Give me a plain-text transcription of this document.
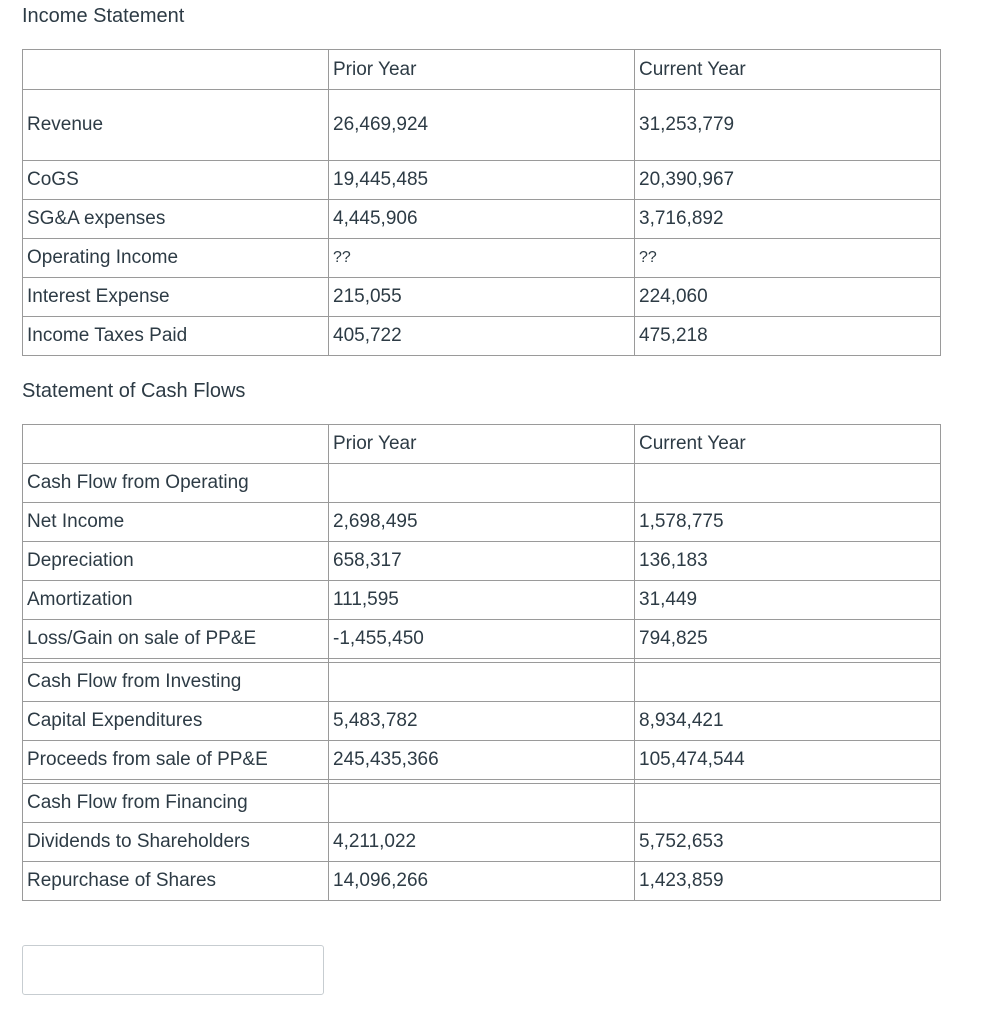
Income Statement
	Prior Year	Current Year
Revenue	26,469,924	31,253,779
CoGS	19,445,485	20,390,967
SG&A expenses	4,445,906	3,716,892
Operating Income	??	??
Interest Expense	215,055	224,060
Income Taxes Paid	405,722	475,218
Statement of Cash Flows
	Prior Year	Current Year
Cash Flow from Operating		
Net Income	2,698,495	1,578,775
Depreciation	658,317	136,183
Amortization	111,595	31,449
Loss/Gain on sale of PP&E	-1,455,450	794,825

Cash Flow from Investing		
Capital Expenditures	5,483,782	8,934,421
Proceeds from sale of PP&E	245,435,366	105,474,544

Cash Flow from Financing		
Dividends to Shareholders	4,211,022	5,752,653
Repurchase of Shares	14,096,266	1,423,859
